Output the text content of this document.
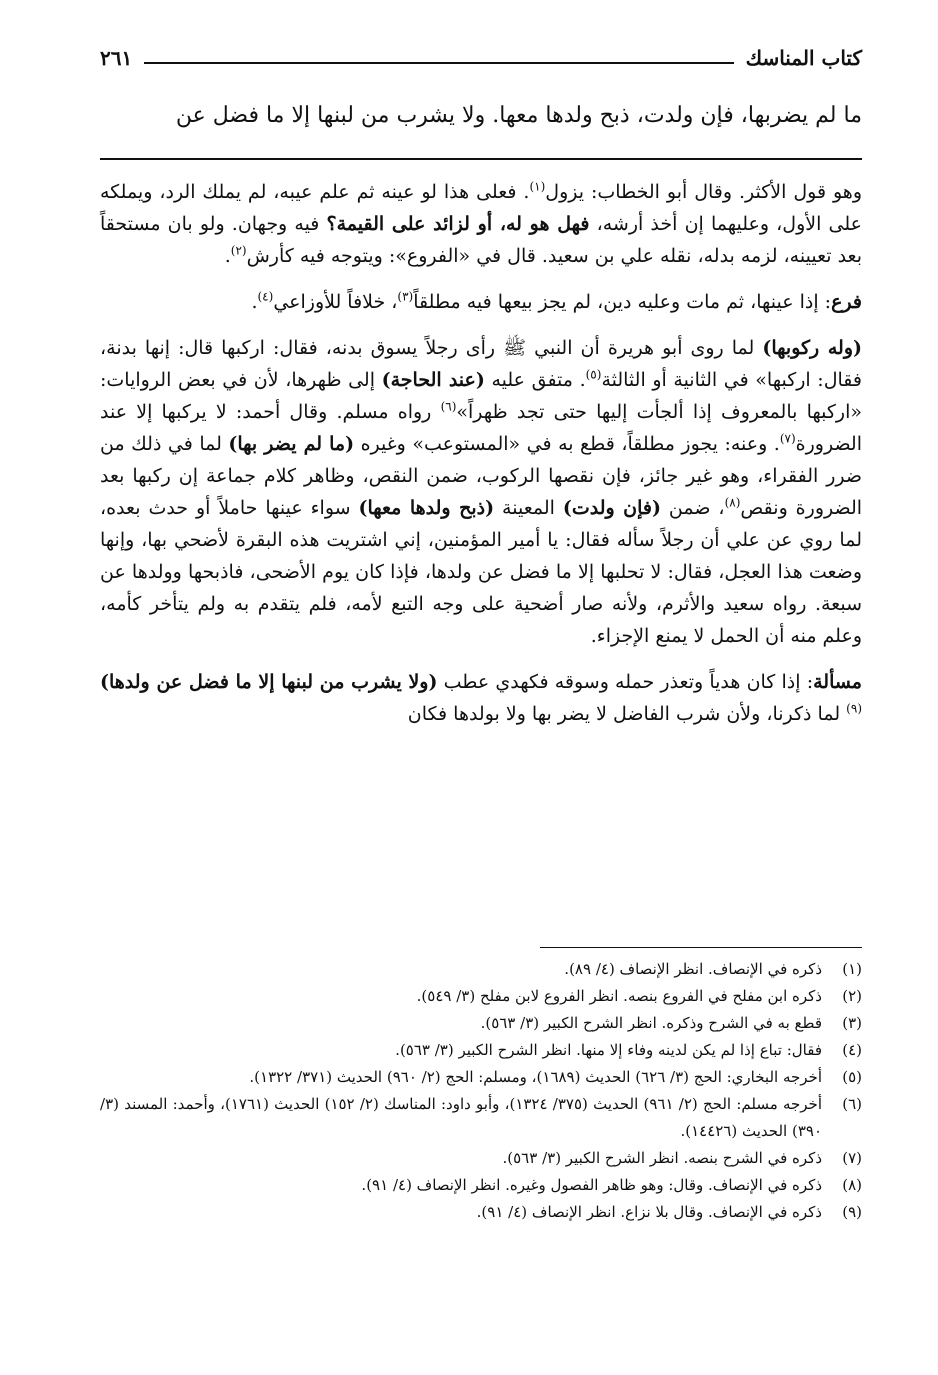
كتاب المناسك
٢٦١
ما لم يضربها، فإن ولدت، ذبح ولدها معها. ولا يشرب من لبنها إلا ما فضل عن

وهو قول الأكثر. وقال أبو الخطاب: يزول$^{(١)}$. فعلى هذا لو عينه ثم علم عيبه، لم يملك الرد، ويملكه على الأول، وعليهما إن أخذ أرشه، فهل هو له، أو لزائد على القيمة؟ فيه وجهان. ولو بان مستحقاً بعد تعيينه، لزمه بدله، نقله علي بن سعيد. قال في «الفروع»: ويتوجه فيه كأرش$^{(٢)}$.

فرع: إذا عينها، ثم مات وعليه دين، لم يجز بيعها فيه مطلقاً$^{(٣)}$، خلافاً للأوزاعي$^{(٤)}$.

(وله ركوبها) لما روى أبو هريرة أن النبي ﷺ رأى رجلاً يسوق بدنه، فقال: اركبها قال: إنها بدنة، فقال: اركبها» في الثانية أو الثالثة$^{(٥)}$. متفق عليه (عند الحاجة) إلى ظهرها، لأن في بعض الروايات: «اركبها بالمعروف إذا ألجأت إليها حتى تجد ظهراً»$^{(٦)}$ رواه مسلم. وقال أحمد: لا يركبها إلا عند الضرورة$^{(٧)}$. وعنه: يجوز مطلقاً، قطع به في «المستوعب» وغيره (ما لم يضر بها) لما في ذلك من ضرر الفقراء، وهو غير جائز، فإن نقصها الركوب، ضمن النقص، وظاهر كلام جماعة إن ركبها بعد الضرورة ونقص$^{(٨)}$، ضمن (فإن ولدت) المعينة (ذبح ولدها معها) سواء عينها حاملاً أو حدث بعده، لما روي عن علي أن رجلاً سأله فقال: يا أمير المؤمنين، إني اشتريت هذه البقرة لأضحي بها، وإنها وضعت هذا العجل، فقال: لا تحلبها إلا ما فضل عن ولدها، فإذا كان يوم الأضحى، فاذبحها وولدها عن سبعة. رواه سعيد والأثرم، ولأنه صار أضحية على وجه التبع لأمه، فلم يتقدم به ولم يتأخر كأمه، وعلم منه أن الحمل لا يمنع الإجزاء.

مسألة: إذا كان هدياً وتعذر حمله وسوقه فكهدي عطب (ولا يشرب من لبنها إلا ما فضل عن ولدها)$^{(٩)}$ لما ذكرنا، ولأن شرب الفاضل لا يضر بها ولا بولدها فكان

(١)
ذكره في الإنصاف. انظر الإنصاف (٤/ ٨٩).
(٢)
ذكره ابن مفلح في الفروع بنصه. انظر الفروع لابن مفلح (٣/ ٥٤٩).
(٣)
قطع به في الشرح وذكره. انظر الشرح الكبير (٣/ ٥٦٣).
(٤)
فقال: تباع إذا لم يكن لدينه وفاء إلا منها. انظر الشرح الكبير (٣/ ٥٦٣).
(٥)
أخرجه البخاري: الحج (٣/ ٦٢٦) الحديث (١٦٨٩)، ومسلم: الحج (٢/ ٩٦٠) الحديث (٣٧١/ ١٣٢٢).
(٦)
أخرجه مسلم: الحج (٢/ ٩٦١) الحديث (٣٧٥/ ١٣٢٤)، وأبو داود: المناسك (٢/ ١٥٢) الحديث (١٧٦١)، وأحمد: المسند (٣/ ٣٩٠) الحديث (١٤٤٢٦).
(٧)
ذكره في الشرح بنصه. انظر الشرح الكبير (٣/ ٥٦٣).
(٨)
ذكره في الإنصاف. وقال: وهو ظاهر الفصول وغيره. انظر الإنصاف (٤/ ٩١).
(٩)
ذكره في الإنصاف. وقال بلا نزاع. انظر الإنصاف (٤/ ٩١).
